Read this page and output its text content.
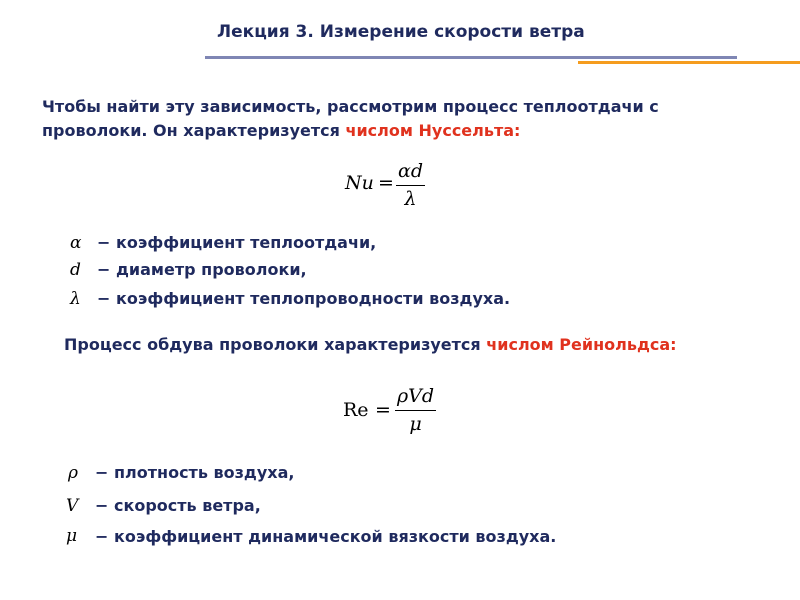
Лекция 3. Измерение скорости ветра
Чтобы найти эту зависимость, рассмотрим процесс теплоотдачи с
проволоки. Он характеризуется числом Нуссельта:
Nu =
αd
λ
α − коэффициент теплоотдачи,
d − диаметр проволоки,
λ − коэффициент теплопроводности воздуха.
Процесс обдува проволоки характеризуется числом Рейнольдса:
Re =
ρVd
μ
ρ − плотность воздуха,
V − скорость ветра,
μ − коэффициент динамической вязкости воздуха.
